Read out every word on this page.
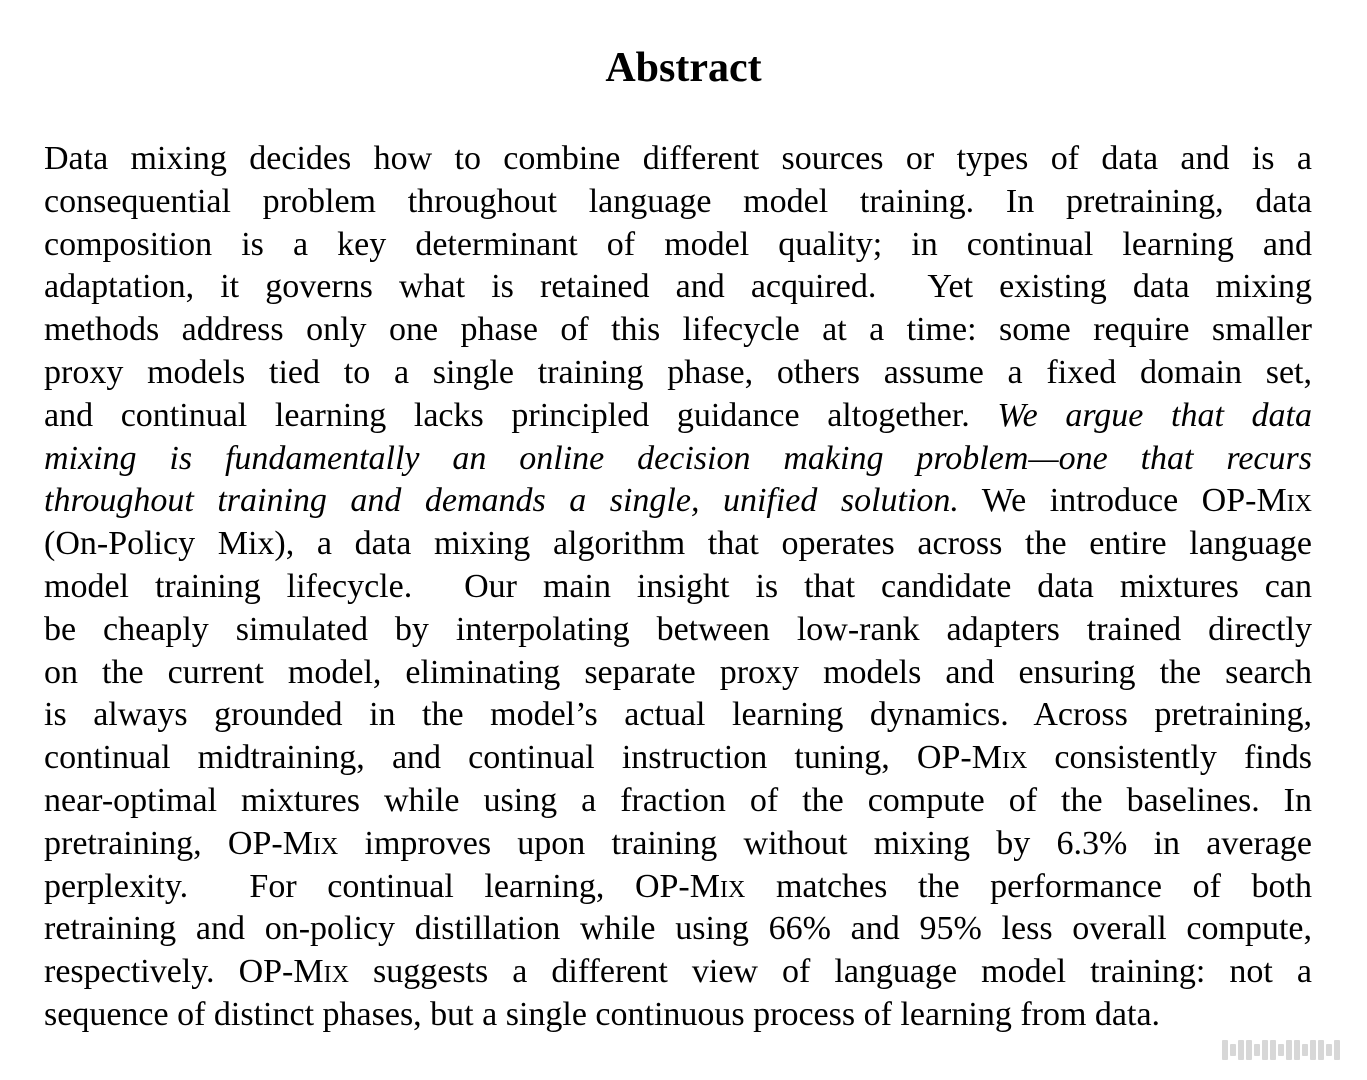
Abstract
Data mixing decides how to combine different sources or types of data and is a
consequential problem throughout language model training. In pretraining, data
composition is a key determinant of model quality; in continual learning and
adaptation, it governs what is retained and acquired.  Yet existing data mixing
methods address only one phase of this lifecycle at a time: some require smaller
proxy models tied to a single training phase, others assume a fixed domain set,
and continual learning lacks principled guidance altogether. We argue that data
mixing is fundamentally an online decision making problem—one that recurs
throughout training and demands a single, unified solution. We introduce OP-Mix
(On-Policy Mix), a data mixing algorithm that operates across the entire language
model training lifecycle.  Our main insight is that candidate data mixtures can
be cheaply simulated by interpolating between low-rank adapters trained directly
on the current model, eliminating separate proxy models and ensuring the search
is always grounded in the model’s actual learning dynamics. Across pretraining,
continual midtraining, and continual instruction tuning, OP-Mix consistently finds
near-optimal mixtures while using a fraction of the compute of the baselines. In
pretraining, OP-Mix improves upon training without mixing by 6.3% in average
perplexity.  For continual learning, OP-Mix matches the performance of both
retraining and on-policy distillation while using 66% and 95% less overall compute,
respectively. OP-Mix suggests a different view of language model training: not a
sequence of distinct phases, but a single continuous process of learning from data.
